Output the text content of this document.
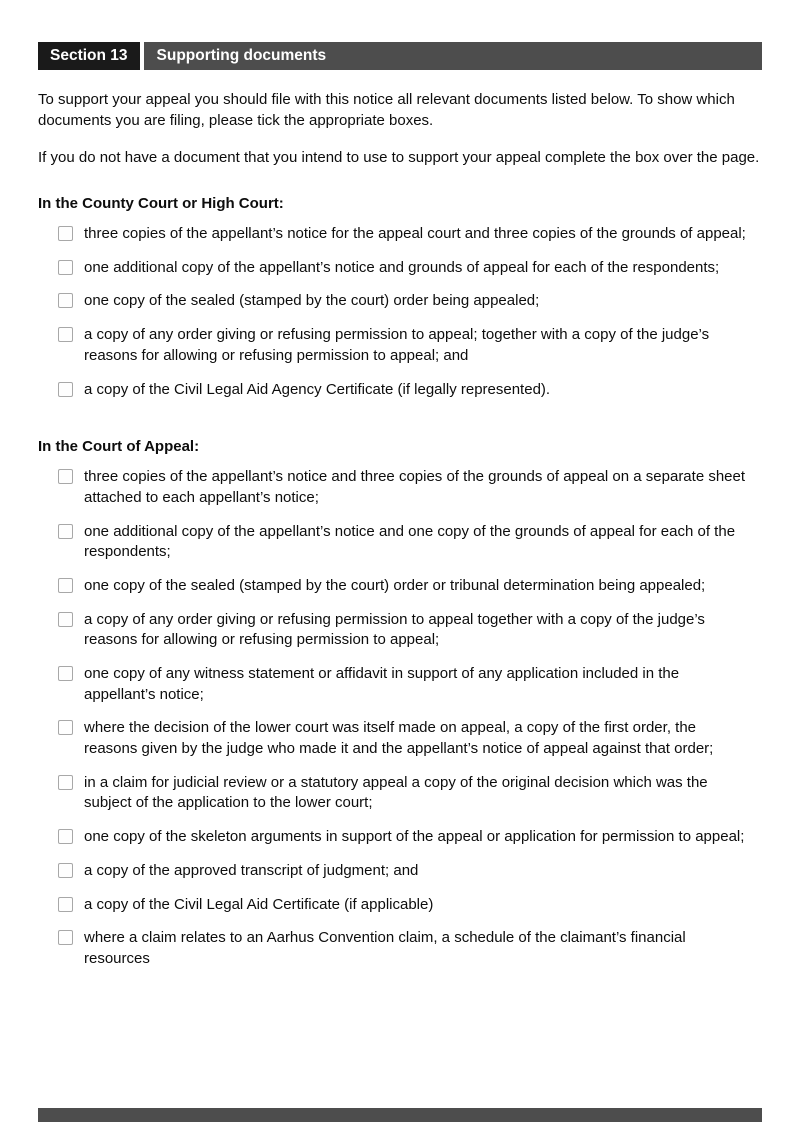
Section 13	Supporting documents

To support your appeal you should file with this notice all relevant documents listed below. To show which documents you are filing, please tick the appropriate boxes.

If you do not have a document that you intend to use to support your appeal complete the box over the page.

In the County Court or High Court:
three copies of the appellant’s notice for the appeal court and three copies of the grounds of appeal;
one additional copy of the appellant’s notice and grounds of appeal for each of the respondents;
one copy of the sealed (stamped by the court) order being appealed;
a copy of any order giving or refusing permission to appeal; together with a copy of the judge’s reasons for allowing or refusing permission to appeal; and
a copy of the Civil Legal Aid Agency Certificate (if legally represented).
In the Court of Appeal:
three copies of the appellant’s notice and three copies of the grounds of appeal on a separate sheet attached to each appellant’s notice;
one additional copy of the appellant’s notice and one copy of the grounds of appeal for each of the respondents;
one copy of the sealed (stamped by the court) order or tribunal determination being appealed;
a copy of any order giving or refusing permission to appeal together with a copy of the judge’s reasons for allowing or refusing permission to appeal;
one copy of any witness statement or affidavit in support of any application included in the appellant’s notice;
where the decision of the lower court was itself made on appeal, a copy of the first order, the reasons given by the judge who made it and the appellant’s notice of appeal against that order;
in a claim for judicial review or a statutory appeal a copy of the original decision which was the subject of the application to the lower court;
one copy of the skeleton arguments in support of the appeal or application for permission to appeal;
a copy of the approved transcript of judgment; and
a copy of the Civil Legal Aid Certificate (if applicable)
where a claim relates to an Aarhus Convention claim, a schedule of the claimant’s financial resources
